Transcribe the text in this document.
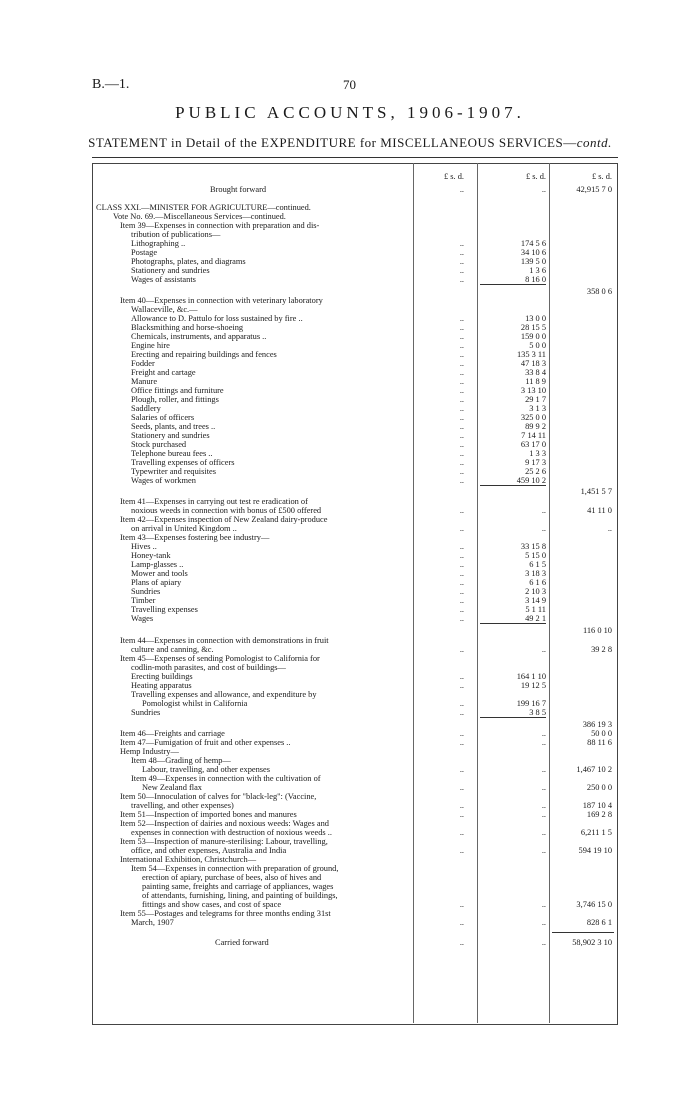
B.—1.	70
PUBLIC ACCOUNTS, 1906-1907.
STATEMENT in Detail of the EXPENDITURE for MISCELLANEOUS SERVICES—contd.
£ s. d.	£ s. d.	£ s. d.
Brought forward	..	..	42,915 7 0
CLASS XXI.—MINISTER FOR AGRICULTURE—continued.
Vote No. 69.—Miscellaneous Services—continued.
Item 39—Expenses in connection with preparation and dis-
tribution of publications—
Lithographing ..	..	174 5 6
Postage	..	34 10 6
Photographs, plates, and diagrams	..	139 5 0
Stationery and sundries	..	1 3 6
Wages of assistants	..	8 16 0
358 0 6
Item 40—Expenses in connection with veterinary laboratory
Wallaceville, &c.—
Allowance to D. Pattulo for loss sustained by fire ..	..	13 0 0
Blacksmithing and horse-shoeing	..	28 15 5
Chemicals, instruments, and apparatus ..	..	159 0 0
Engine hire	..	5 0 0
Erecting and repairing buildings and fences	..	135 3 11
Fodder	..	47 18 3
Freight and cartage	..	33 8 4
Manure	..	11 8 9
Office fittings and furniture	..	3 13 10
Plough, roller, and fittings	..	29 1 7
Saddlery	..	3 1 3
Salaries of officers	..	325 0 0
Seeds, plants, and trees ..	..	89 9 2
Stationery and sundries	..	7 14 11
Stock purchased	..	63 17 0
Telephone bureau fees ..	..	1 3 3
Travelling expenses of officers	..	9 17 3
Typewriter and requisites	..	25 2 6
Wages of workmen	..	459 10 2
1,451 5 7
Item 41—Expenses in carrying out test re eradication of
noxious weeds in connection with bonus of £500 offered	..	..	41 11 0
Item 42—Expenses inspection of New Zealand dairy-produce
on arrival in United Kingdom ..	..	..	..
Item 43—Expenses fostering bee industry—
Hives ..	..	33 15 8
Honey-tank	..	5 15 0
Lamp-glasses ..	..	6 1 5
Mower and tools	..	3 18 3
Plans of apiary	..	6 1 6
Sundries	..	2 10 3
Timber	..	3 14 9
Travelling expenses	..	5 1 11
Wages	..	49 2 1
116 0 10
Item 44—Expenses in connection with demonstrations in fruit
culture and canning, &c.	..	..	39 2 8
Item 45—Expenses of sending Pomologist to California for
codlin-moth parasites, and cost of buildings—
Erecting buildings	..	164 1 10
Heating apparatus	..	19 12 5
Travelling expenses and allowance, and expenditure by
Pomologist whilst in California	..	199 16 7
Sundries	..	3 8 5
386 19 3
Item 46—Freights and carriage	..	..	50 0 0
Item 47—Fumigation of fruit and other expenses ..	..	..	88 11 6
Hemp Industry—
Item 48—Grading of hemp—
Labour, travelling, and other expenses	..	..	1,467 10 2
Item 49—Expenses in connection with the cultivation of
New Zealand flax	..	..	250 0 0
Item 50—Innoculation of calves for "black-leg": (Vaccine,
travelling, and other expenses)	..	..	187 10 4
Item 51—Inspection of imported bones and manures	..	..	169 2 8
Item 52—Inspection of dairies and noxious weeds: Wages and
expenses in connection with destruction of noxious weeds ..	..	..	6,211 1 5
Item 53—Inspection of manure-sterilising: Labour, travelling,
office, and other expenses, Australia and India	..	..	594 19 10
International Exhibition, Christchurch—
Item 54—Expenses in connection with preparation of ground,
erection of apiary, purchase of bees, also of hives and
painting same, freights and carriage of appliances, wages
of attendants, furnishing, lining, and painting of buildings,
fittings and show cases, and cost of space	..	..	3,746 15 0
Item 55—Postages and telegrams for three months ending 31st
March, 1907	..	..	828 6 1
Carried forward	..	..	58,902 3 10
